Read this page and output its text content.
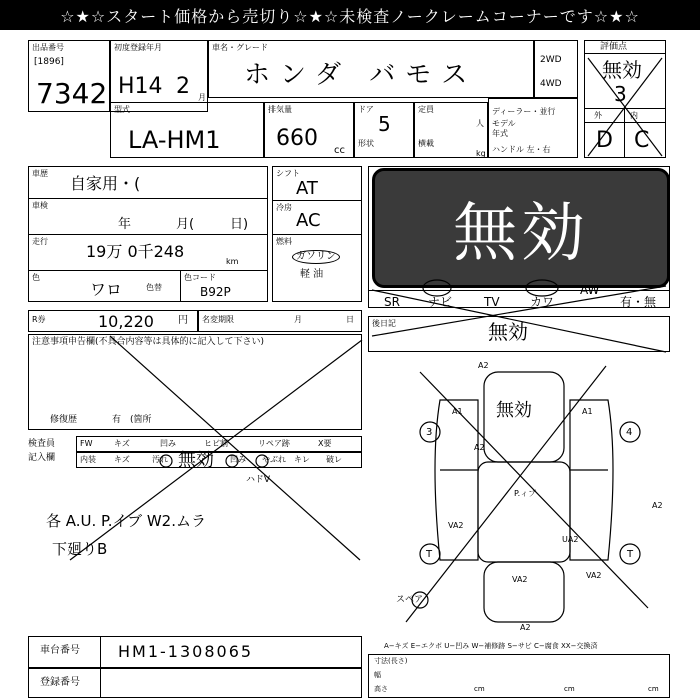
☆★☆スタート価格から売切り☆★☆未検査ノークレームコーナーです☆★☆
出品番号
[1896]
7342
初度登録年月
H14 2 月
車名・グレード
ホンダ バモス	2WD
4WD
評価点
無効
3
外	内
D C
型式
LA-HM1
排気量
660 cc
ドア
5
形状
定員
人
横載
kg
ディーラー・並行
モデル
年式
ハンドル 左・右
車歴
自家用・(
車検
年	月(	日)
走行
19万 0千248
km
色
ワロ	色替
色コード
B92P
シフト
AT
冷房
AC
燃料
ガソリン
軽 油
無効
SR ナビ	TV	カワ
AW
有・無
R券	10,220 円 名変期限	月	日 後日記	無効
注意事項申告欄(不具合内容等は具体的に記入して下さい)
修復歴	有 (箇所
検査員
記入欄
FW	キズ	凹み	ヒビ割	リペア跡	X要
内装 キズ	汚れ	凹み やぶれ キレ 破レ
無効
ハドV
各 A.U. P.イブ W2.ムラ
下廻りB
無効
A2
A1	A1
A2
P.ィブ
VA2
VA2	VA2
A2
A2
UA2
3	4
T	T
スペア
車台番号 HM1-1308065
登録番号
A−キズ E−エクボ U−凹み W−補修跡 S−サビ C−腐食 XX−交換済
寸法(長さ)
幅
高さ	cm	cm	cm
